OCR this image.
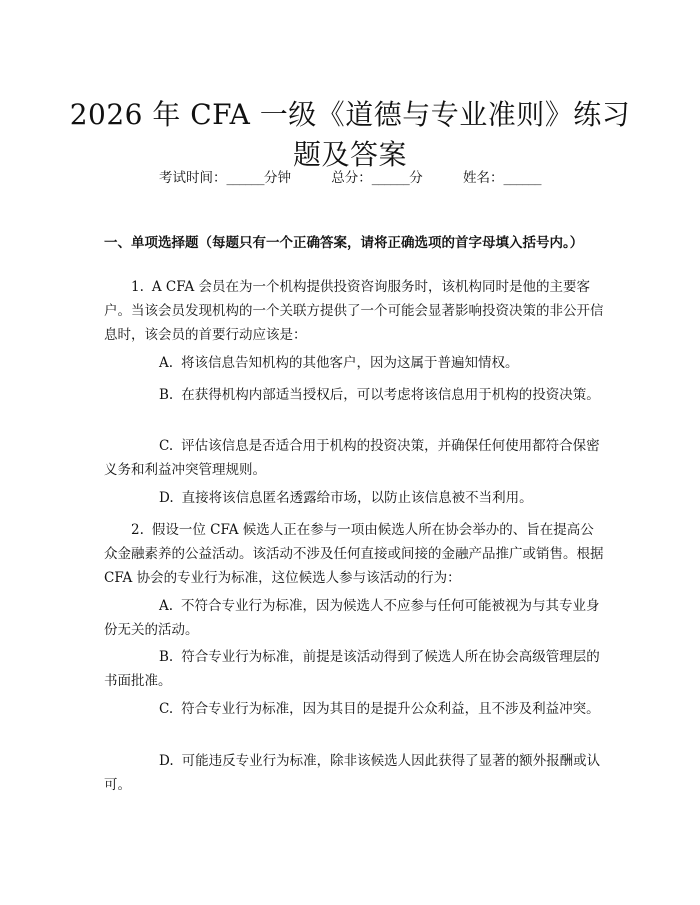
2026 年 CFA 一级《道德与专业准则》练习题及答案
考试时间：______分钟	总分：______分	姓名：______
一、单项选择题（每题只有一个正确答案，请将正确选项的首字母填入括号内。）
1. A CFA 会员在为一个机构提供投资咨询服务时，该机构同时是他的主要客户。当该会员发现机构的一个关联方提供了一个可能会显著影响投资决策的非公开信息时，该会员的首要行动应该是：
A. 将该信息告知机构的其他客户，因为这属于普遍知情权。
B. 在获得机构内部适当授权后，可以考虑将该信息用于机构的投资决策。
C. 评估该信息是否适合用于机构的投资决策，并确保任何使用都符合保密义务和利益冲突管理规则。
D. 直接将该信息匿名透露给市场，以防止该信息被不当利用。
2. 假设一位 CFA 候选人正在参与一项由候选人所在协会举办的、旨在提高公众金融素养的公益活动。该活动不涉及任何直接或间接的金融产品推广或销售。根据 CFA 协会的专业行为标准，这位候选人参与该活动的行为：
A. 不符合专业行为标准，因为候选人不应参与任何可能被视为与其专业身份无关的活动。
B. 符合专业行为标准，前提是该活动得到了候选人所在协会高级管理层的书面批准。
C. 符合专业行为标准，因为其目的是提升公众利益，且不涉及利益冲突。
D. 可能违反专业行为标准，除非该候选人因此获得了显著的额外报酬或认可。
